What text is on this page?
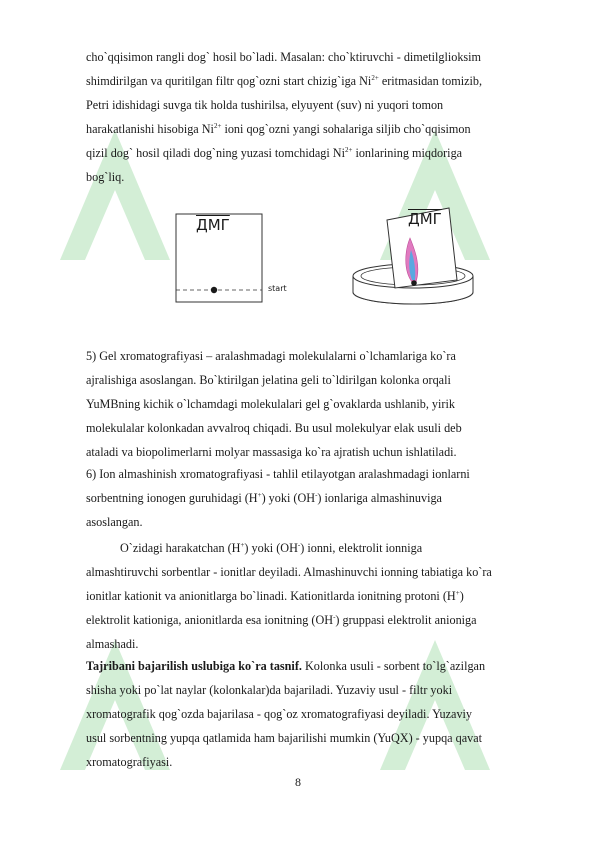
cho`qqisimon rangli dog` hosil bo`ladi. Masalan: cho`ktiruvchi - dimetilglioksim
shimdirilgan va quritilgan filtr qog`ozni start chizig`iga $Ni^{2+}$ eritmasidan tomizib,
Petri idishidagi suvga tik holda tushirilsa, elyuyent (suv) ni yuqori tomon
harakatlanishi hisobiga $Ni^{2+}$ ioni qog`ozni yangi sohalariga siljib cho`qqisimon
qizil dog` hosil qiladi dog`ning yuzasi tomchidagi $Ni^{2+}$ ionlarining miqdoriga
bog`liq.
ДМГ
start
ДМГ
5) Gel xromatografiyasi – aralashmadagi molekulalarni o`lchamlariga ko`ra
ajralishiga asoslangan. Bo`ktirilgan jelatina geli to`ldirilgan kolonka orqali
YuMBning kichik o`lchamdagi molekulalari gel g`ovaklarda ushlanib, yirik
molekulalar kolonkadan avvalroq chiqadi. Bu usul molekulyar elak usuli deb
ataladi va biopolimerlarni molyar massasiga ko`ra ajratish uchun ishlatiladi.
6) Ion almashinish xromatografiyasi - tahlil etilayotgan aralashmadagi ionlarni
sorbentning ionogen guruhidagi (H+) yoki (OH-) ionlariga almashinuviga
asoslangan.
O`zidagi harakatchan (H+) yoki (OH-) ionni, elektrolit ionniga
almashtiruvchi sorbentlar - ionitlar deyiladi. Almashinuvchi ionning tabiatiga ko`ra
ionitlar kationit va anionitlarga bo`linadi. Kationitlarda ionitning protoni (H+)
elektrolit kationiga, anionitlarda esa ionitning (OH-) gruppasi elektrolit anioniga
almashadi.
Tajribani bajarilish uslubiga ko`ra tasnif. Kolonka usuli - sorbent to`lg`azilgan
shisha yoki po`lat naylar (kolonkalar)da bajariladi. Yuzaviy usul - filtr yoki
xromatografik qog`ozda bajarilasa - qog`oz xromatografiyasi deyiladi. Yuzaviy
usul sorbentning yupqa qatlamida ham bajarilishi mumkin (YuQX) - yupqa qavat
xromatografiyasi.
8
